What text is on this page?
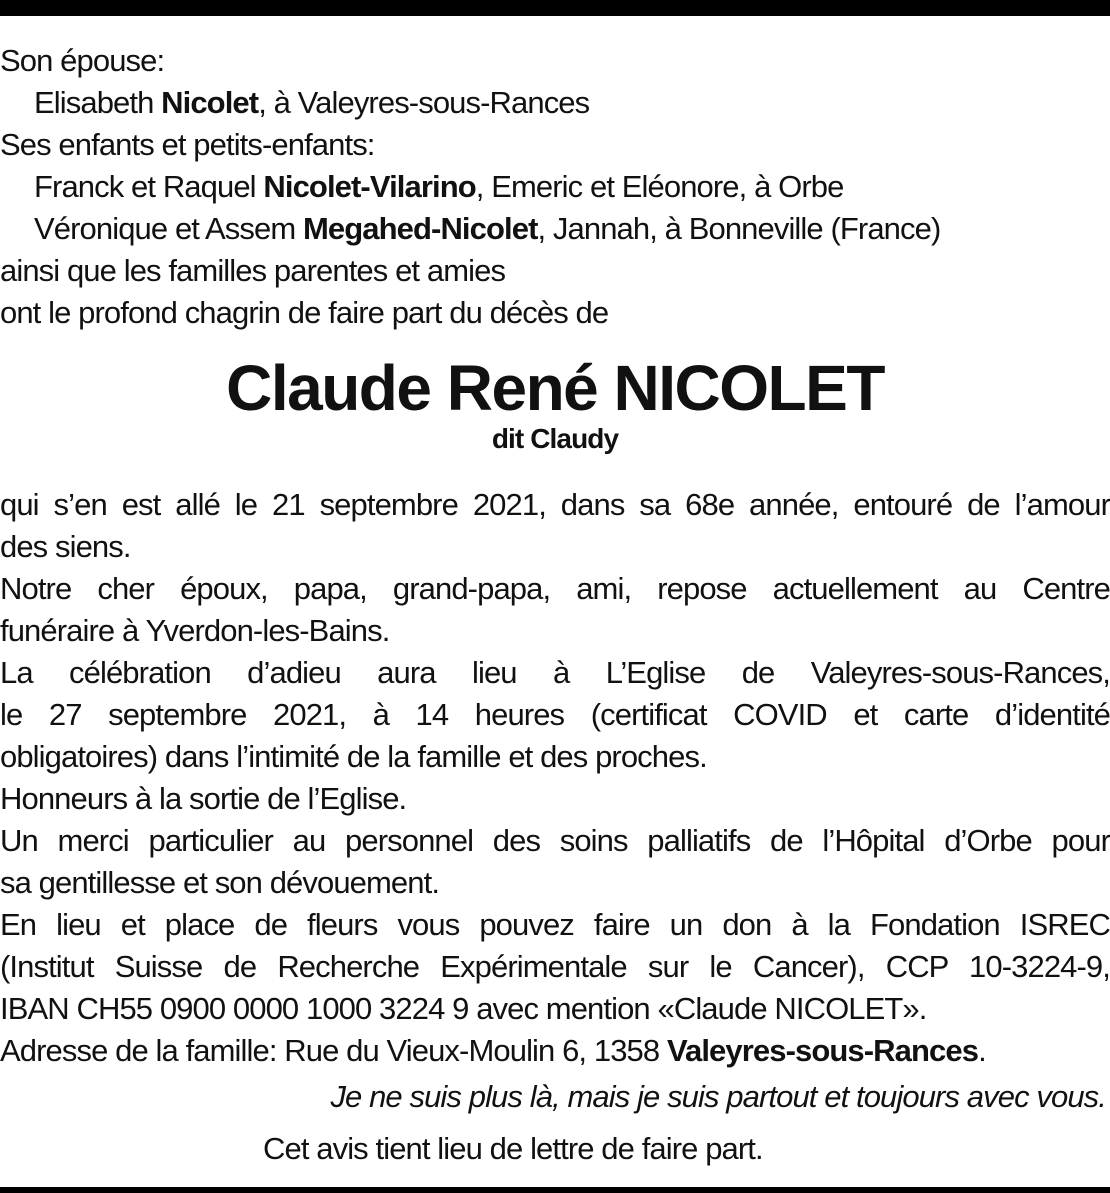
Son épouse:
Elisabeth Nicolet, à Valeyres-sous-Rances
Ses enfants et petits-enfants:
Franck et Raquel Nicolet-Vilarino, Emeric et Eléonore, à Orbe
Véronique et Assem Megahed-Nicolet, Jannah, à Bonneville (France)
ainsi que les familles parentes et amies
ont le profond chagrin de faire part du décès de
Claude René NICOLET
dit Claudy
qui s’en est allé le 21 septembre 2021, dans sa 68e année, entouré de l’amour
des siens.
Notre cher époux, papa, grand-papa, ami, repose actuellement au Centre
funéraire à Yverdon-les-Bains.
La célébration d’adieu aura lieu à L’Eglise de Valeyres-sous-Rances,
le 27 septembre 2021, à 14 heures (certificat COVID et carte d’identité
obligatoires) dans l’intimité de la famille et des proches.
Honneurs à la sortie de l’Eglise.
Un merci particulier au personnel des soins palliatifs de l’Hôpital d’Orbe pour
sa gentillesse et son dévouement.
En lieu et place de fleurs vous pouvez faire un don à la Fondation ISREC
(Institut Suisse de Recherche Expérimentale sur le Cancer), CCP 10-3224-9,
IBAN CH55 0900 0000 1000 3224 9 avec mention «Claude NICOLET».
Adresse de la famille: Rue du Vieux-Moulin 6, 1358 Valeyres-sous-Rances.
Je ne suis plus là, mais je suis partout et toujours avec vous.
Cet avis tient lieu de lettre de faire part.
